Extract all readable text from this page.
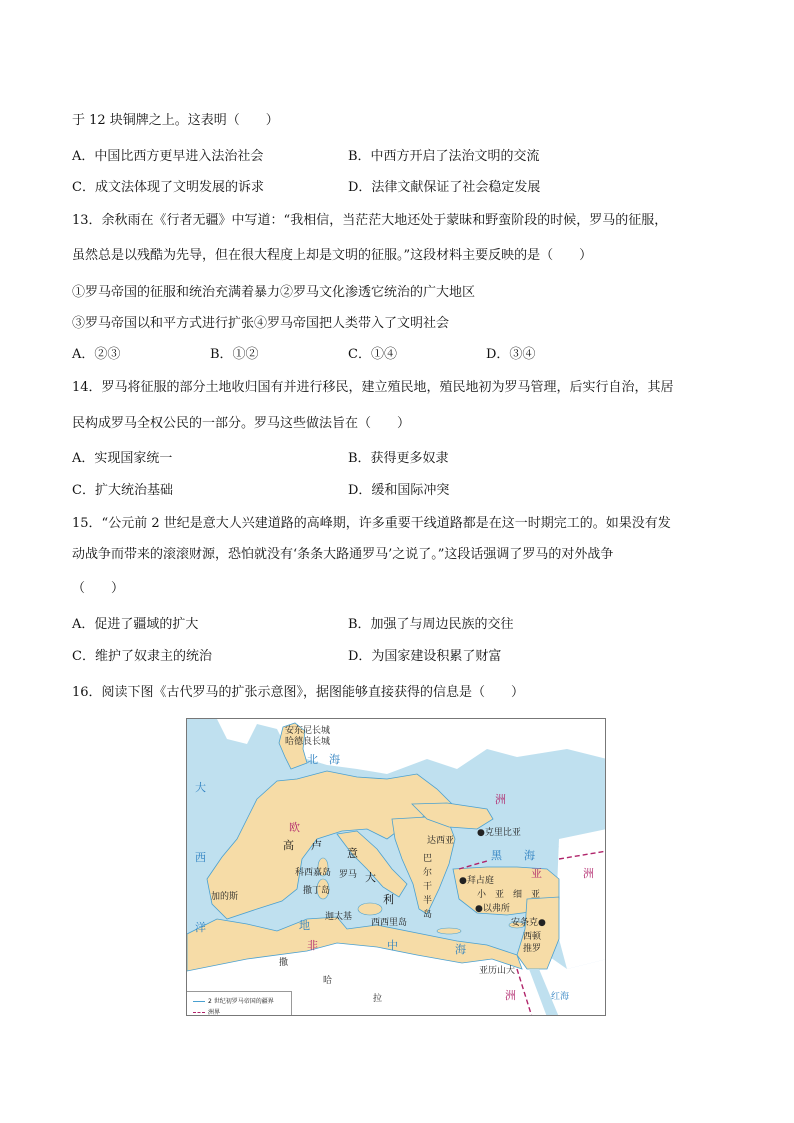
于 12 块铜牌之上。这表明（　　）
A．中国比西方更早进入法治社会	B．中西方开启了法治文明的交流
C．成文法体现了文明发展的诉求	D．法律文献保证了社会稳定发展
13．余秋雨在《行者无疆》中写道：“我相信，当茫茫大地还处于蒙昧和野蛮阶段的时候，罗马的征服，
虽然总是以残酷为先导，但在很大程度上却是文明的征服。”这段材料主要反映的是（　　）
①罗马帝国的征服和统治充满着暴力②罗马文化渗透它统治的广大地区
③罗马帝国以和平方式进行扩张④罗马帝国把人类带入了文明社会
A．②③	B．①②	C．①④	D．③④
14．罗马将征服的部分土地收归国有并进行移民，建立殖民地，殖民地初为罗马管理，后实行自治，其居
民构成罗马全权公民的一部分。罗马这些做法旨在（　　）
A．实现国家统一	B．获得更多奴隶
C．扩大统治基础	D．缓和国际冲突
15．“公元前 2 世纪是意大人兴建道路的高峰期，许多重要干线道路都是在这一时期完工的。如果没有发
动战争而带来的滚滚财源，恐怕就没有‘条条大路通罗马’之说了。”这段话强调了罗马的对外战争
（　　）
A．促进了疆域的扩大	B．加强了与周边民族的交往
C．维护了奴隶主的统治	D．为国家建设积累了财富
16．阅读下图《古代罗马的扩张示意图》，据图能够直接获得的信息是（　　）
安东尼长城
哈德良长城
北　海
大
西
洋
欧
洲
高 卢	达西亚
●克里比亚
黑　　海
罗马
意
大
利
科西嘉岛
撒丁岛
迦太基
西西里岛
加的斯
巴
尔
干
半
岛
●拜占庭
小　亚　细　亚
●以弗所
安条克●
西顿
推罗
亚历山大
亚	洲
地
中	海
非
洲
撒
哈
拉	红海
2 世纪初罗马帝国的疆界
洲界
